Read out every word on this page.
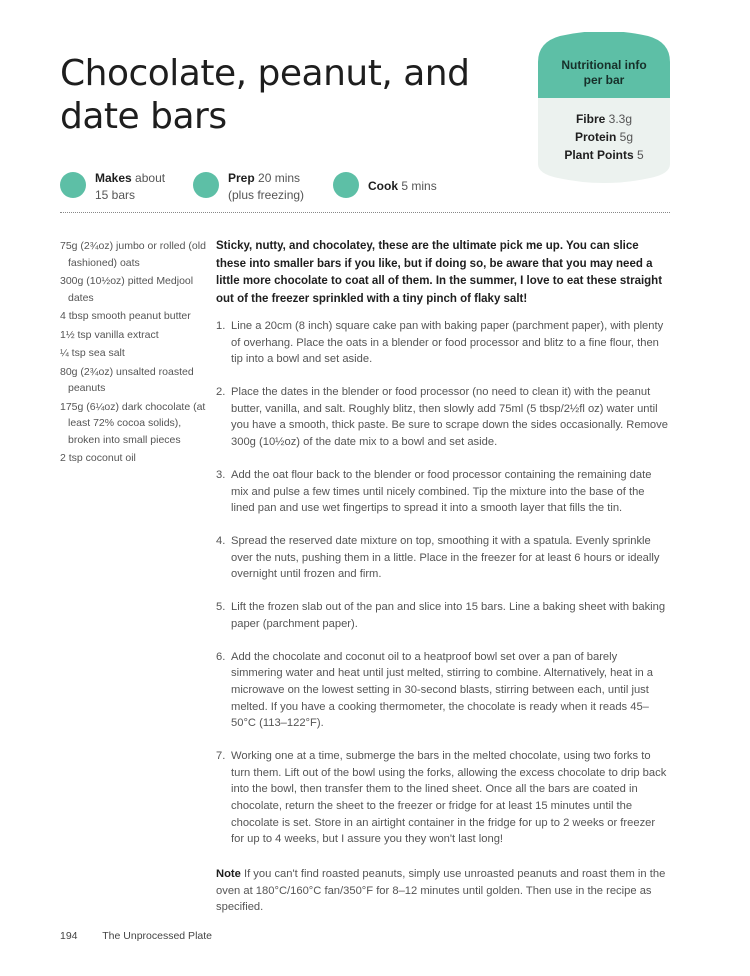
Chocolate, peanut, and date bars
Nutritional info
per bar
Fibre 3.3g
Protein 5g
Plant Points 5
Makes about
15 bars
Prep 20 mins
(plus freezing)
Cook 5 mins
75g (2¾oz) jumbo or rolled (old fashioned) oats
300g (10½oz) pitted Medjool dates
4 tbsp smooth peanut butter
1½ tsp vanilla extract
¼ tsp sea salt
80g (2¾oz) unsalted roasted peanuts
175g (6¼oz) dark chocolate (at least 72% cocoa solids), broken into small pieces
2 tsp coconut oil

Sticky, nutty, and chocolatey, these are the ultimate pick me up. You can slice these into smaller bars if you like, but if doing so, be aware that you may need a little more chocolate to coat all of them. In the summer, I love to eat these straight out of the freezer sprinkled with a tiny pinch of flaky salt!

1. Line a 20cm (8 inch) square cake pan with baking paper (parchment paper), with plenty of overhang. Place the oats in a blender or food processor and blitz to a fine flour, then tip into a bowl and set aside.
2. Place the dates in the blender or food processor (no need to clean it) with the peanut butter, vanilla, and salt. Roughly blitz, then slowly add 75ml (5 tbsp/2½fl oz) water until you have a smooth, thick paste. Be sure to scrape down the sides occasionally. Remove 300g (10½oz) of the date mix to a bowl and set aside.
3. Add the oat flour back to the blender or food processor containing the remaining date mix and pulse a few times until nicely combined. Tip the mixture into the base of the lined pan and use wet fingertips to spread it into a smooth layer that fills the tin.
4. Spread the reserved date mixture on top, smoothing it with a spatula. Evenly sprinkle over the nuts, pushing them in a little. Place in the freezer for at least 6 hours or ideally overnight until frozen and firm.
5. Lift the frozen slab out of the pan and slice into 15 bars. Line a baking sheet with baking paper (parchment paper).
6. Add the chocolate and coconut oil to a heatproof bowl set over a pan of barely simmering water and heat until just melted, stirring to combine. Alternatively, heat in a microwave on the lowest setting in 30-second blasts, stirring between each, until just melted. If you have a cooking thermometer, the chocolate is ready when it reads 45–50°C (113–122°F).
7. Working one at a time, submerge the bars in the melted chocolate, using two forks to turn them. Lift out of the bowl using the forks, allowing the excess chocolate to drip back into the bowl, then transfer them to the lined sheet. Once all the bars are coated in chocolate, return the sheet to the freezer or fridge for at least 15 minutes until the chocolate is set. Store in an airtight container in the fridge for up to 2 weeks or freezer for up to 4 weeks, but I assure you they won't last long!

Note If you can't find roasted peanuts, simply use unroasted peanuts and roast them in the oven at 180°C/160°C fan/350°F for 8–12 minutes until golden. Then use in the recipe as specified.

194 The Unprocessed Plate
